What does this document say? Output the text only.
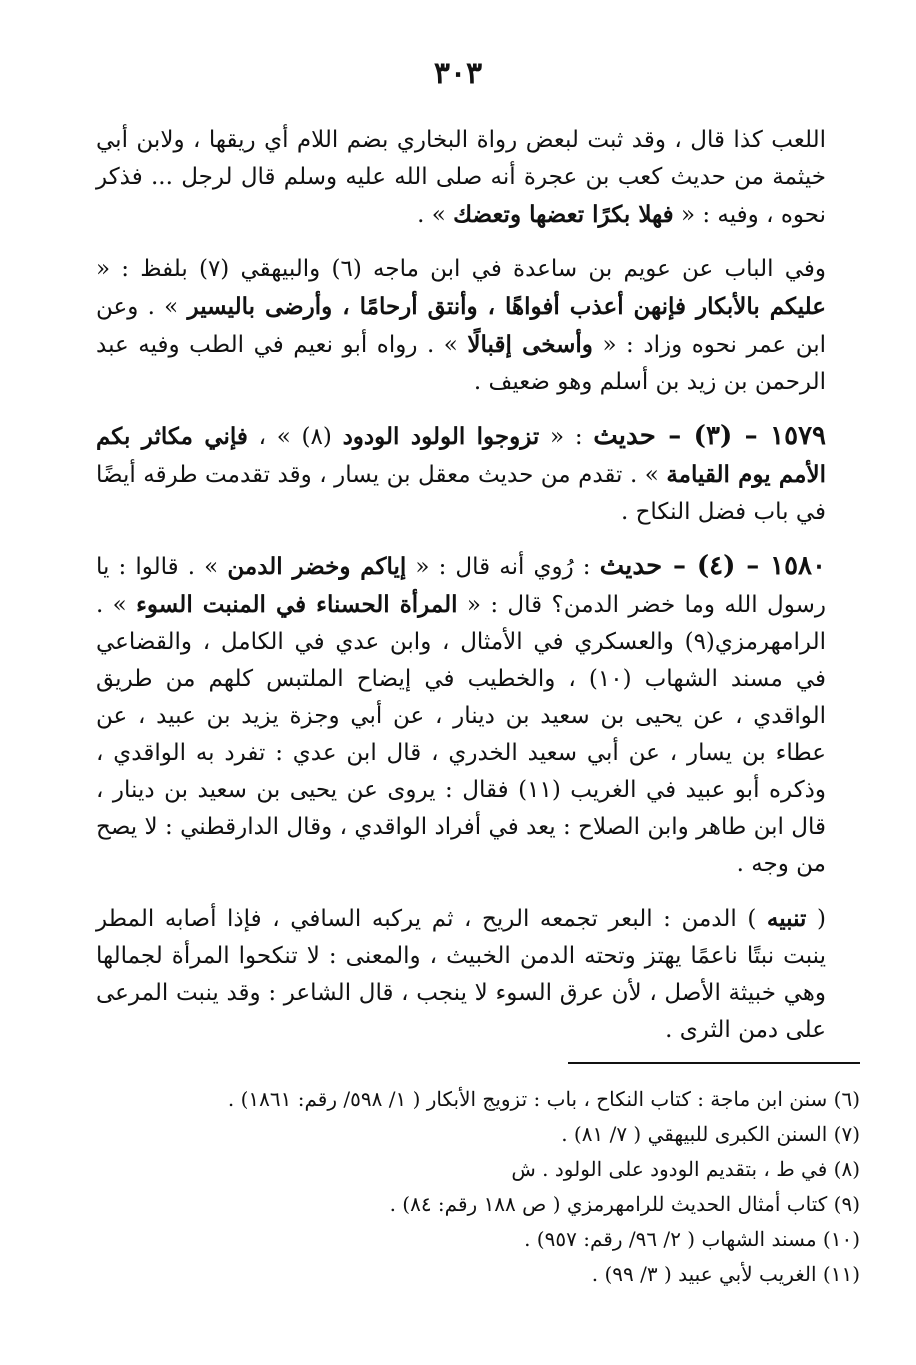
٣٠٣

اللعب كذا قال ، وقد ثبت لبعض رواة البخاري بضم اللام أي ريقها ، ولابن أبي خيثمة من حديث كعب بن عجرة أنه صلى الله عليه وسلم قال لرجل ... فذكر نحوه ، وفيه : « فهلا بكرًا تعضها وتعضك » .

وفي الباب عن عويم بن ساعدة في ابن ماجه (٦) والبيهقي (٧) بلفظ : « عليكم بالأبكار فإنهن أعذب أفواهًا ، وأنتق أرحامًا ، وأرضى باليسير » . وعن ابن عمر نحوه وزاد : « وأسخى إقبالًا » . رواه أبو نعيم في الطب وفيه عبد الرحمن بن زيد بن أسلم وهو ضعيف .

١٥٧٩ – (٣) – حديث : « تزوجوا الولود الودود (٨) » ، فإني مكاثر بكم الأمم يوم القيامة » . تقدم من حديث معقل بن يسار ، وقد تقدمت طرقه أيضًا في باب فضل النكاح .

١٥٨٠ – (٤) – حديث : رُوي أنه قال : « إياكم وخضر الدمن » . قالوا : يا رسول الله وما خضر الدمن؟ قال : « المرأة الحسناء في المنبت السوء » . الرامهرمزي(٩) والعسكري في الأمثال ، وابن عدي في الكامل ، والقضاعي في مسند الشهاب (١٠) ، والخطيب في إيضاح الملتبس كلهم من طريق الواقدي ، عن يحيى بن سعيد بن دينار ، عن أبي وجزة يزيد بن عبيد ، عن عطاء بن يسار ، عن أبي سعيد الخدري ، قال ابن عدي : تفرد به الواقدي ، وذكره أبو عبيد في الغريب (١١) فقال : يروى عن يحيى بن سعيد بن دينار ، قال ابن طاهر وابن الصلاح : يعد في أفراد الواقدي ، وقال الدارقطني : لا يصح من وجه .

( تنبيه ) الدمن : البعر تجمعه الريح ، ثم يركبه السافي ، فإذا أصابه المطر ينبت نبتًا ناعمًا يهتز وتحته الدمن الخبيث ، والمعنى : لا تنكحوا المرأة لجمالها وهي خبيثة الأصل ، لأن عرق السوء لا ينجب ، قال الشاعر : وقد ينبت المرعى على دمن الثرى .

(٦) سنن ابن ماجة : كتاب النكاح ، باب : تزويج الأبكار ( ١/ ٥٩٨/ رقم: ١٨٦١) .

(٧) السنن الكبرى للبيهقي ( ٧/ ٨١) .

(٨) في ط ، بتقديم الودود على الولود . ش

(٩) كتاب أمثال الحديث للرامهرمزي ( ص ١٨٨ رقم: ٨٤) .

(١٠) مسند الشهاب ( ٢/ ٩٦/ رقم: ٩٥٧) .

(١١) الغريب لأبي عبيد ( ٣/ ٩٩) .
